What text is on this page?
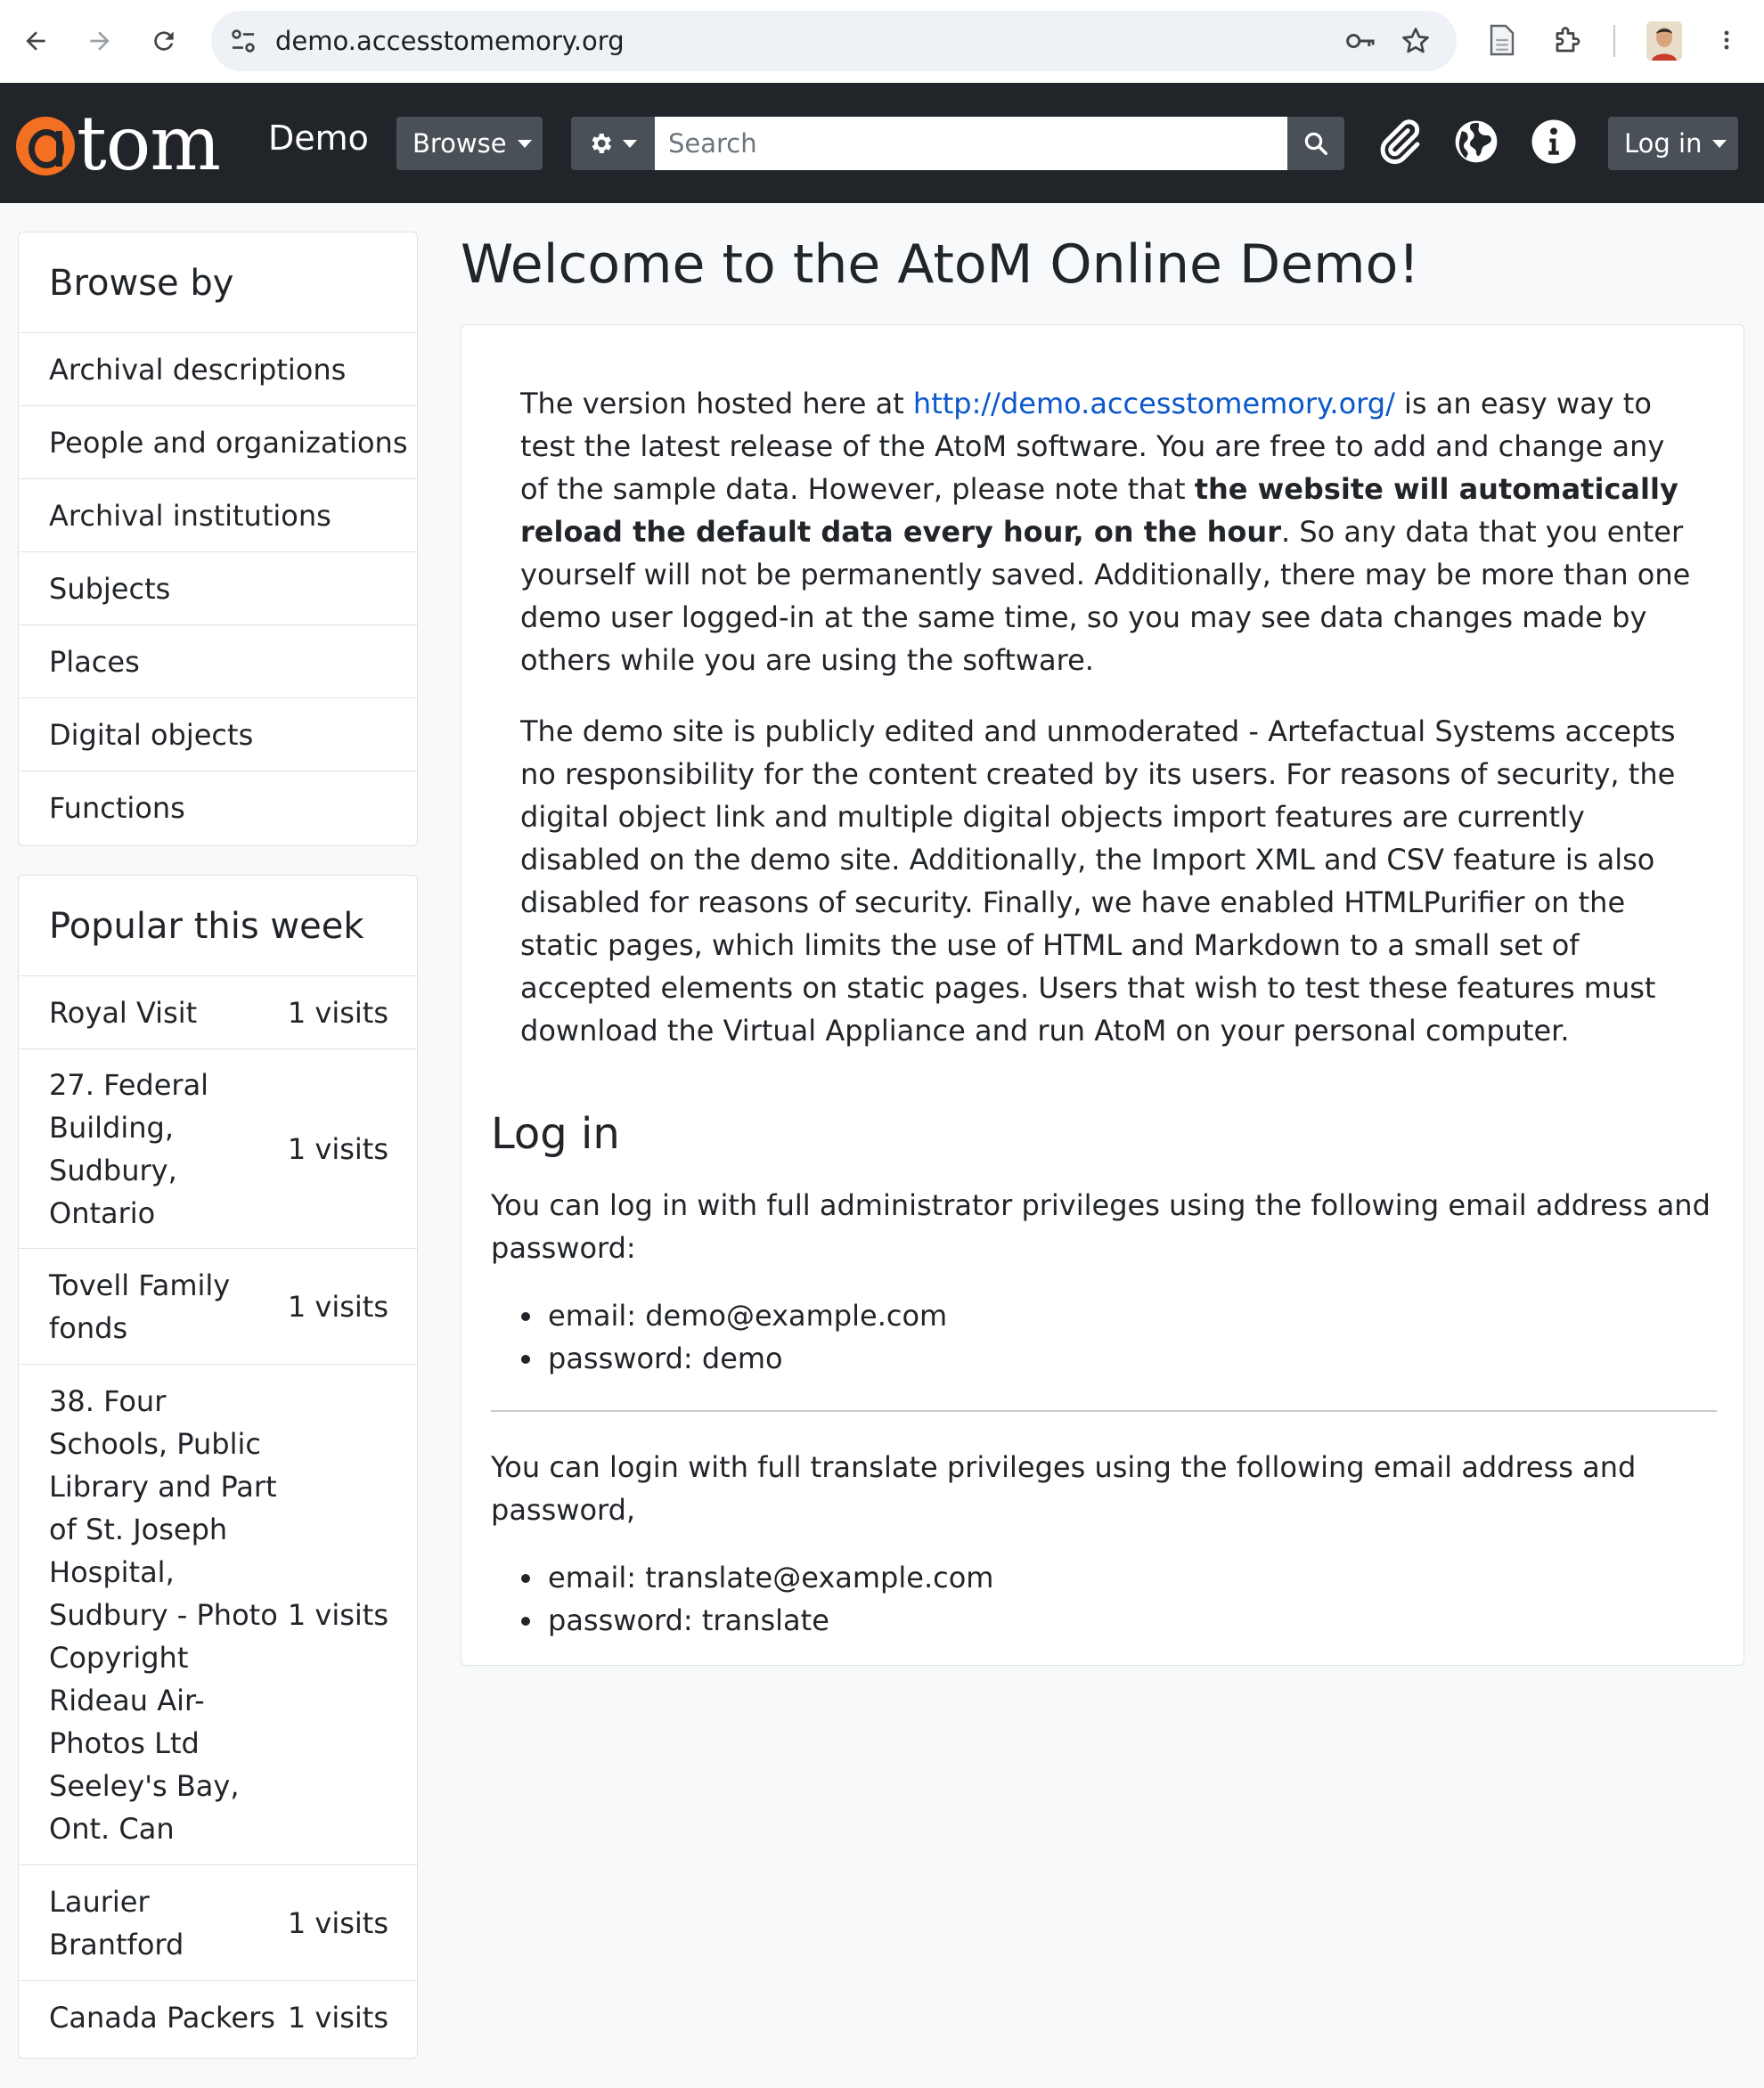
demo.accesstomemory.org
tom Demo Browse
Search	Log in
Browse by
Archival descriptions
People and organizations
Archival institutions
Subjects
Places
Digital objects
Functions
Popular this week
Royal Visit	1 visits
27. Federal Building, Sudbury, Ontario
1 visits
Tovell Family fonds
1 visits
38. Four Schools, Public Library and Part of St. Joseph Hospital, Sudbury - Photo Copyright Rideau Air-Photos Ltd Seeley's Bay, Ont. Can
1 visits
Laurier Brantford
1 visits
Canada Packers 1 visits
Welcome to the AtoM Online Demo!

The version hosted here at http://demo.accesstomemory.org/ is an easy way to test the latest release of the AtoM software. You are free to add and change any of the sample data. However, please note that the website will automatically reload the default data every hour, on the hour. So any data that you enter yourself will not be permanently saved. Additionally, there may be more than one demo user logged-in at the same time, so you may see data changes made by others while you are using the software.

The demo site is publicly edited and unmoderated - Artefactual Systems accepts no responsibility for the content created by its users. For reasons of security, the digital object link and multiple digital objects import features are currently disabled on the demo site. Additionally, the Import XML and CSV feature is also disabled for reasons of security. Finally, we have enabled HTMLPurifier on the static pages, which limits the use of HTML and Markdown to a small set of accepted elements on static pages. Users that wish to test these features must download the Virtual Appliance and run AtoM on your personal computer.

Log in

You can log in with full administrator privileges using the following email address and password:

email: demo@example.com
password: demo

You can login with full translate privileges using the following email address and password,

email: translate@example.com
password: translate
